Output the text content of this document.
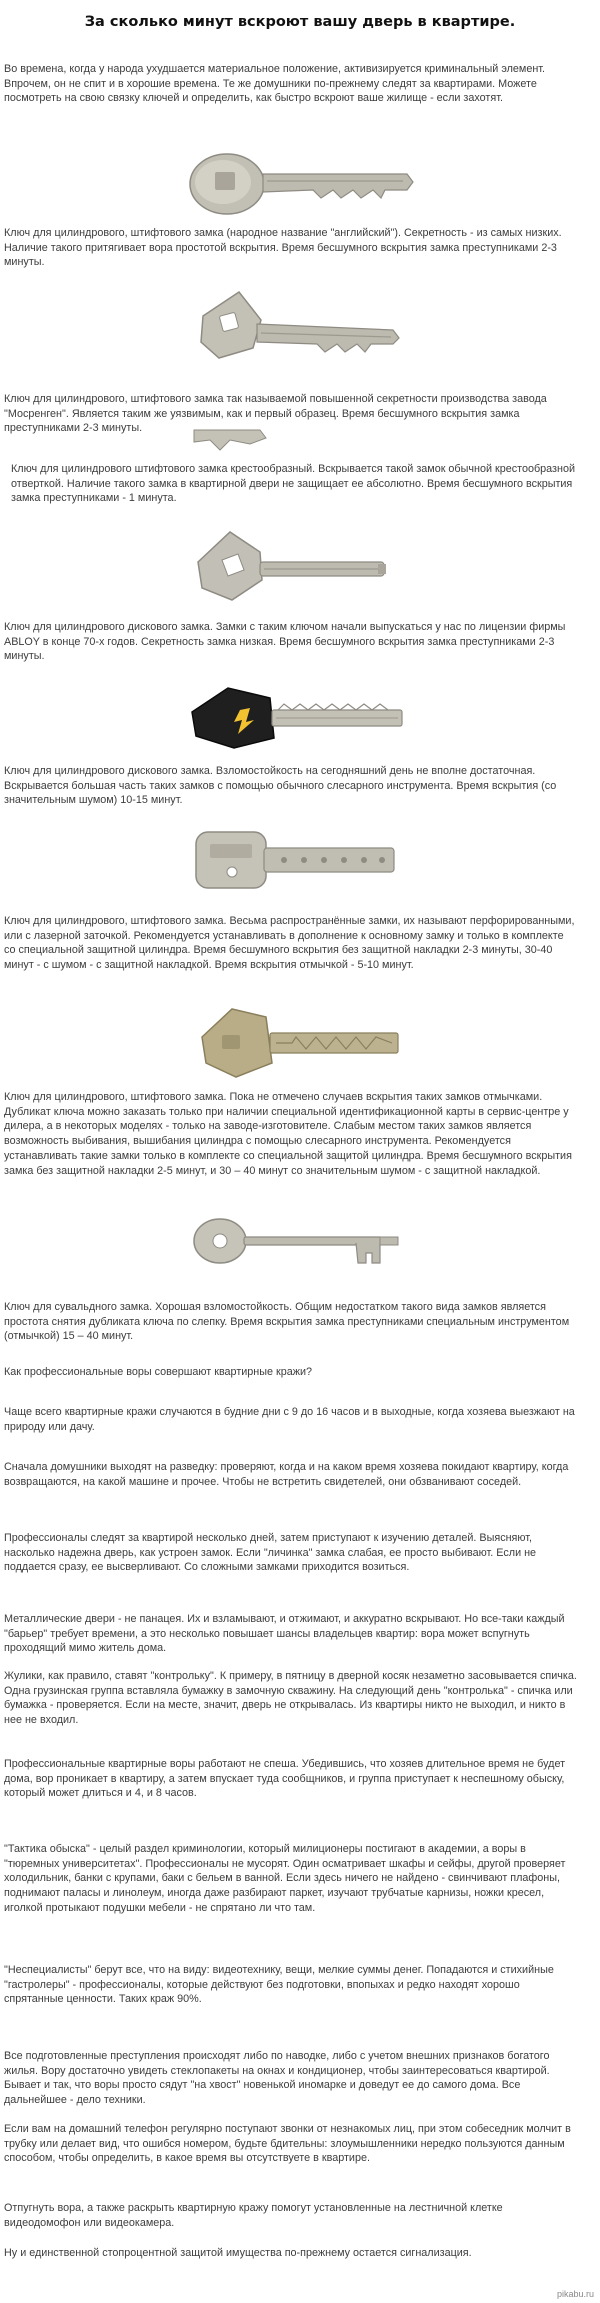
За сколько минут вскроют вашу дверь в квартире.

Во времена, когда у народа ухудшается материальное положение, активизируется криминальный элемент. Впрочем, он не спит и в хорошие времена. Те же домушники по-прежнему следят за квартирами. Можете посмотреть на свою связку ключей и определить, как быстро вскроют ваше жилище - если захотят.

Ключ для цилиндрового, штифтового замка (народное название "английский"). Секретность - из самых низких. Наличие такого притягивает вора простотой вскрытия. Время бесшумного вскрытия замка преступниками 2-3 минуты.

Ключ для цилиндрового, штифтового замка так называемой повышенной секретности производства завода "Мосренген". Является таким же уязвимым, как и первый образец. Время бесшумного вскрытия замка преступниками 2-3 минуты.

Ключ для цилиндрового штифтового замка крестообразный. Вскрывается такой замок обычной крестообразной отверткой. Наличие такого замка в квартирной двери не защищает ее абсолютно. Время бесшумного вскрытия замка преступниками - 1 минута.

Ключ для цилиндрового дискового замка. Замки с таким ключом начали выпускаться у нас по лицензии фирмы ABLOY в конце 70-х годов. Секретность замка низкая. Время бесшумного вскрытия замка преступниками 2-3 минуты.

Ключ для цилиндрового дискового замка. Взломостойкость на сегодняшний день не вполне достаточная. Вскрывается большая часть таких замков с помощью обычного слесарного инструмента. Время вскрытия (со значительным шумом) 10-15 минут.

Ключ для цилиндрового, штифтового замка. Весьма распространённые замки, их называют перфорированными, или с лазерной заточкой. Рекомендуется устанавливать в дополнение к основному замку и только в комплекте со специальной защитной цилиндра. Время бесшумного вскрытия без защитной накладки 2-3 минуты, 30-40 минут - с шумом - с защитной накладкой. Время вскрытия отмычкой - 5-10 минут.

Ключ для цилиндрового, штифтового замка. Пока не отмечено случаев вскрытия таких замков отмычками. Дубликат ключа можно заказать только при наличии специальной идентификационной карты в сервис-центре у дилера, а в некоторых моделях - только на заводе-изготовителе. Слабым местом таких замков является возможность выбивания, вышибания цилиндра с помощью слесарного инструмента. Рекомендуется устанавливать такие замки только в комплекте со специальной защитой цилиндра. Время бесшумного вскрытия замка без защитной накладки 2-5 минут, и 30 – 40 минут со значительным шумом - с защитной накладкой.

Ключ для сувальдного замка. Хорошая взломостойкость. Общим недостатком такого вида замков является простота снятия дубликата ключа по слепку. Время вскрытия замка преступниками специальным инструментом (отмычкой) 15 – 40 минут.

Как профессиональные воры совершают квартирные кражи?

Чаще всего квартирные кражи случаются в будние дни с 9 до 16 часов и в выходные, когда хозяева выезжают на природу или дачу.

Сначала домушники выходят на разведку: проверяют, когда и на каком время хозяева покидают квартиру, когда возвращаются, на какой машине и прочее. Чтобы не встретить свидетелей, они обзванивают соседей.

Профессионалы следят за квартирой несколько дней, затем приступают к изучению деталей. Выясняют, насколько надежна дверь, как устроен замок. Если "личинка" замка слабая, ее просто выбивают. Если не поддается сразу, ее высверливают. Со сложными замками приходится возиться.

Металлические двери - не панацея. Их и взламывают, и отжимают, и аккуратно вскрывают. Но все-таки каждый "барьер" требует времени, а это несколько повышает шансы владельцев квартир: вора может вспугнуть проходящий мимо житель дома.

Жулики, как правило, ставят "контрольку". К примеру, в пятницу в дверной косяк незаметно засовывается спичка. Одна грузинская группа вставляла бумажку в замочную скважину. На следующий день "контролька" - спичка или бумажка - проверяется. Если на месте, значит, дверь не открывалась. Из квартиры никто не выходил, и никто в нее не входил.

Профессиональные квартирные воры работают не спеша. Убедившись, что хозяев длительное время не будет дома, вор проникает в квартиру, а затем впускает туда сообщников, и группа приступает к неспешному обыску, который может длиться и 4, и 8 часов.

"Тактика обыска" - целый раздел криминологии, который милиционеры постигают в академии, а воры в "тюремных университетах". Профессионалы не мусорят. Один осматривает шкафы и сейфы, другой проверяет холодильник, банки с крупами, баки с бельем в ванной. Если здесь ничего не найдено - свинчивают плафоны, поднимают паласы и линолеум, иногда даже разбирают паркет, изучают трубчатые карнизы, ножки кресел, иголкой протыкают подушки мебели - не спрятано ли что там.

"Неспециалисты" берут все, что на виду: видеотехнику, вещи, мелкие суммы денег. Попадаются и стихийные "гастролеры" - профессионалы, которые действуют без подготовки, впопыхах и редко находят хорошо спрятанные ценности. Таких краж 90%.

Все подготовленные преступления происходят либо по наводке, либо с учетом внешних признаков богатого жилья. Вору достаточно увидеть стеклопакеты на окнах и кондиционер, чтобы заинтересоваться квартирой. Бывает и так, что воры просто сядут "на хвост" новенькой иномарке и доведут ее до самого дома. Все дальнейшее - дело техники.

Если вам на домашний телефон регулярно поступают звонки от незнакомых лиц, при этом собеседник молчит в трубку или делает вид, что ошибся номером, будьте бдительны: злоумышленники нередко пользуются данным способом, чтобы определить, в какое время вы отсутствуете в квартире.

Отпугнуть вора, а также раскрыть квартирную кражу помогут установленные на лестничной клетке видеодомофон или видеокамера.

Ну и единственной стопроцентной защитой имущества по-прежнему остается сигнализация.

pikabu.ru
